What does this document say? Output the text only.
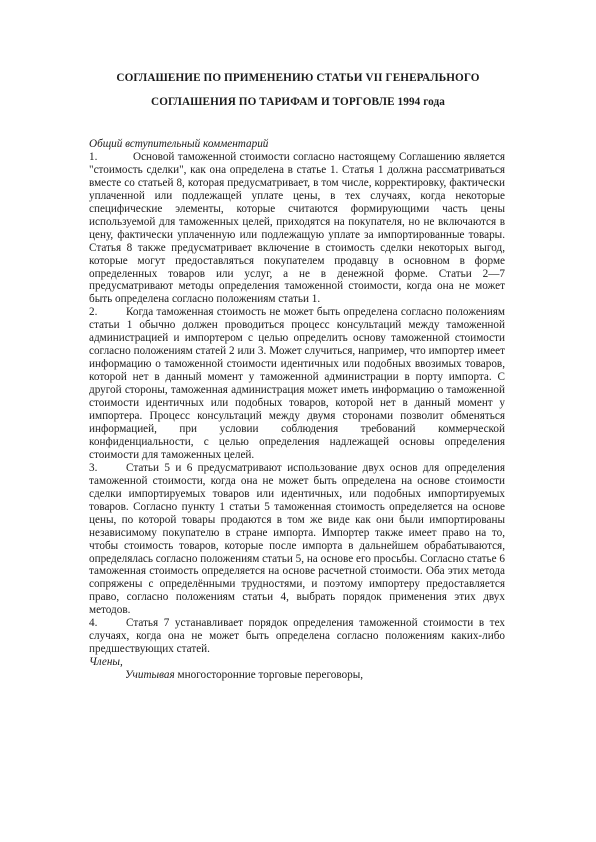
СОГЛАШЕНИЕ ПО ПРИМЕНЕНИЮ СТАТЬИ VII ГЕНЕРАЛЬНОГО
СОГЛАШЕНИЯ ПО ТАРИФАМ И ТОРГОВЛЕ 1994 года

Общий вступительный комментарий

1.	Основой таможенной стоимости согласно настоящему Соглашению является "стоимость сделки", как она определена в статье 1. Статья 1 должна рассматриваться вместе со статьей 8, которая предусматривает, в том числе, корректировку, фактически уплаченной или подлежащей уплате цены, в тех случаях, когда некоторые специфические элементы, которые считаются формирующими часть цены используемой для таможенных целей, приходятся на покупателя, но не включаются в цену, фактически уплаченную или подлежащую уплате за импортированные товары. Статья 8 также предусматривает включение в стоимость сделки некоторых выгод, которые могут предоставляться покупателем продавцу в основном в форме определенных товаров или услуг, а не в денежной форме. Статьи 2—7 предусматривают методы определения таможенной стоимости, когда она не может быть определена согласно положениям статьи 1.

2.	Когда таможенная стоимость не может быть определена согласно положениям статьи 1 обычно должен проводиться процесс консультаций между таможенной администрацией и импортером с целью определить основу таможенной стоимости согласно положениям статей 2 или 3. Может случиться, например, что импортер имеет информацию о таможенной стоимости идентичных или подобных ввозимых товаров, которой нет в данный момент у таможенной администрации в порту импорта. С другой стороны, таможенная администрация может иметь информацию о таможенной стоимости идентичных или подобных товаров, которой нет в данный момент у импортера. Процесс консультаций между двумя сторонами позволит обменяться информацией, при условии соблюдения требований коммерческой конфиденциальности, с целью определения надлежащей основы определения стоимости для таможенных целей.

3.	Статьи 5 и 6 предусматривают использование двух основ для определения таможенной стоимости, когда она не может быть определена на основе стоимости сделки импортируемых товаров или идентичных, или подобных импортируемых товаров. Согласно пункту 1 статьи 5 таможенная стоимость определяется на основе цены, по которой товары продаются в том же виде как они были импортированы независимому покупателю в стране импорта. Импортер также имеет право на то, чтобы стоимость товаров, которые после импорта в дальнейшем обрабатываются, определялась согласно положениям статьи 5, на основе его просьбы. Согласно статье 6 таможенная стоимость определяется на основе расчетной стоимости. Оба этих метода сопряжены с определёнными трудностями, и поэтому импортеру предоставляется право, согласно положениям статьи 4, выбрать порядок применения этих двух методов.

4.	Статья 7 устанавливает порядок определения таможенной стоимости в тех случаях, когда она не может быть определена согласно положениям каких-либо предшествующих статей.

Члены,

Учитывая многосторонние торговые переговоры,
